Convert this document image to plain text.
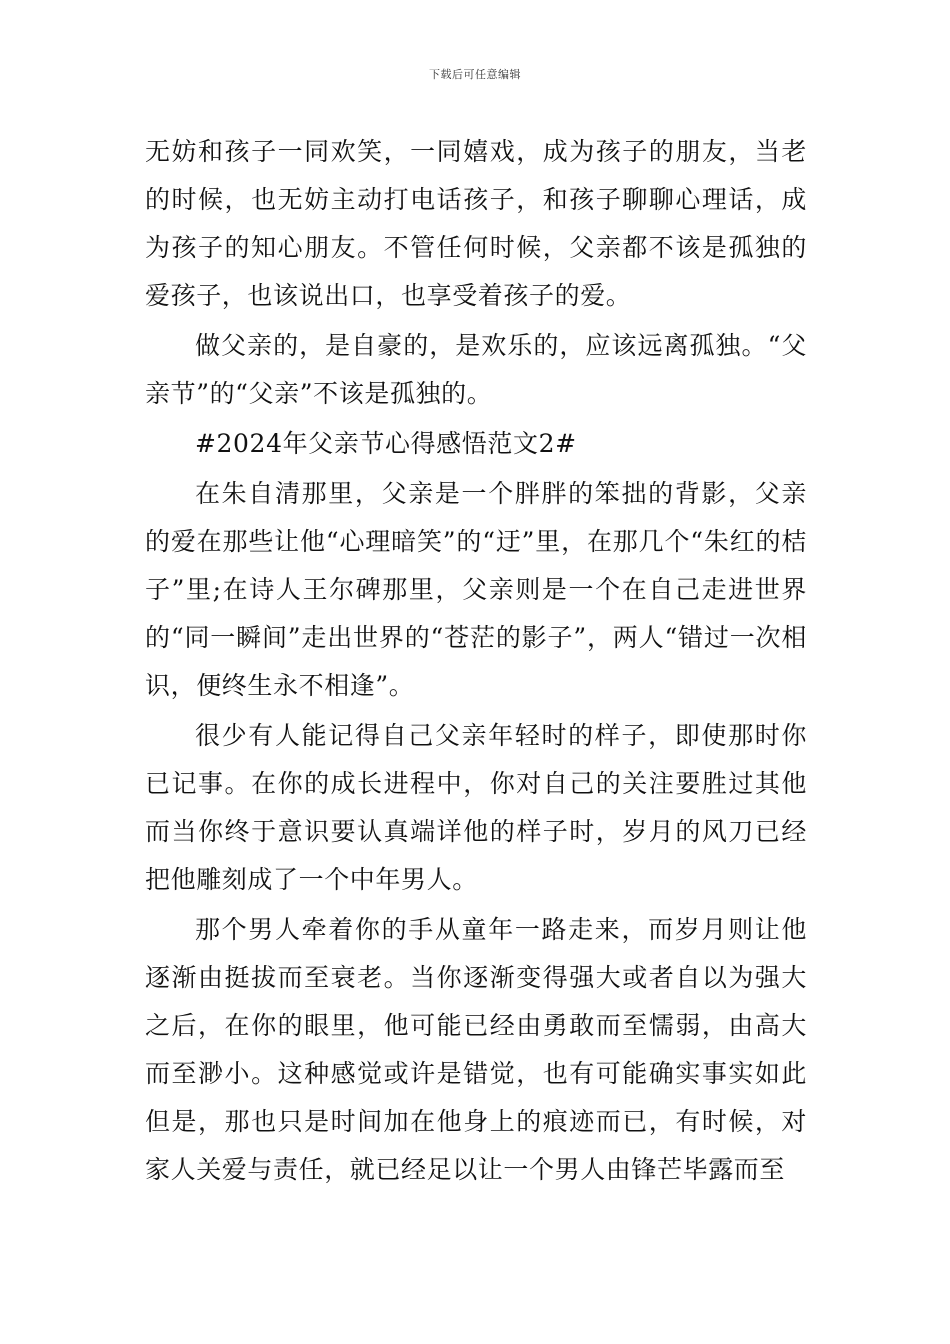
下载后可任意编辑

无妨和孩子一同欢笑，一同嬉戏，成为孩子的朋友，当老的时候，也无妨主动打电话孩子，和孩子聊聊心理话，成为孩子的知心朋友。不管任何时候，父亲都不该是孤独的爱孩子，也该说出口，也享受着孩子的爱。

做父亲的，是自豪的，是欢乐的，应该远离孤独。“父亲节”的“父亲”不该是孤独的。

#2024年父亲节心得感悟范文2#

在朱自清那里，父亲是一个胖胖的笨拙的背影，父亲的爱在那些让他“心理暗笑”的“迂”里，在那几个“朱红的桔子”里;在诗人王尔碑那里，父亲则是一个在自己走进世界的“同一瞬间”走出世界的“苍茫的影子”，两人“错过一次相识，便终生永不相逢”。

很少有人能记得自己父亲年轻时的样子，即使那时你已记事。在你的成长进程中，你对自己的关注要胜过其他而当你终于意识要认真端详他的样子时，岁月的风刀已经把他雕刻成了一个中年男人。

那个男人牵着你的手从童年一路走来，而岁月则让他逐渐由挺拔而至衰老。当你逐渐变得强大或者自以为强大之后，在你的眼里，他可能已经由勇敢而至懦弱，由高大而至渺小。这种感觉或许是错觉，也有可能确实事实如此但是，那也只是时间加在他身上的痕迹而已，有时候，对家人关爱与责任，就已经足以让一个男人由锋芒毕露而至
